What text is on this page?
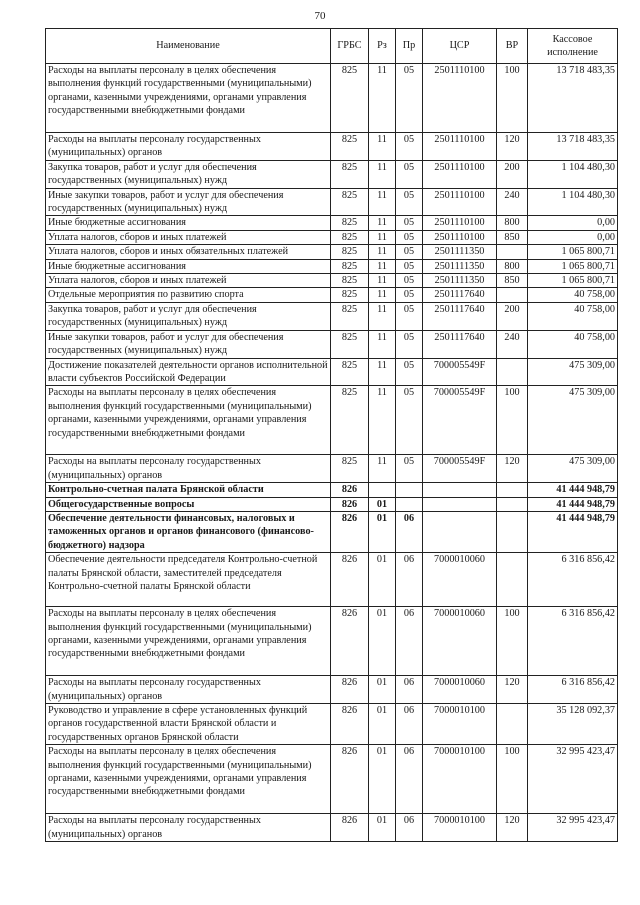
70
Наименование	ГРБС	Рз	Пр	ЦСР	ВР	Кассовое
исполнение

Расходы на выплаты персоналу в целях обеспечения выполнения функций государственными (муниципальными) органами, казенными учреждениями, органами управления государственными внебюджетными фондами	825	11	05	2501110100	100	13 718 483,35
Расходы на выплаты персоналу государственных (муниципальных) органов	825	11	05	2501110100	120	13 718 483,35
Закупка товаров, работ и услуг для обеспечения государственных (муниципальных) нужд	825	11	05	2501110100	200	1 104 480,30
Иные закупки товаров, работ и услуг для обеспечения государственных (муниципальных) нужд	825	11	05	2501110100	240	1 104 480,30
Иные бюджетные ассигнования	825	11	05	2501110100	800	0,00
Уплата налогов, сборов и иных платежей	825	11	05	2501110100	850	0,00
Уплата налогов, сборов и иных обязательных платежей	825	11	05	2501111350		1 065 800,71
Иные бюджетные ассигнования	825	11	05	2501111350	800	1 065 800,71
Уплата налогов, сборов и иных платежей	825	11	05	2501111350	850	1 065 800,71
Отдельные мероприятия по развитию спорта	825	11	05	2501117640		40 758,00
Закупка товаров, работ и услуг для обеспечения государственных (муниципальных) нужд	825	11	05	2501117640	200	40 758,00
Иные закупки товаров, работ и услуг для обеспечения государственных (муниципальных) нужд	825	11	05	2501117640	240	40 758,00
Достижение показателей деятельности органов исполнительной власти субъектов Российской Федерации	825	11	05	700005549F		475 309,00
Расходы на выплаты персоналу в целях обеспечения выполнения функций государственными (муниципальными) органами, казенными учреждениями, органами управления государственными внебюджетными фондами	825	11	05	700005549F	100	475 309,00
Расходы на выплаты персоналу государственных (муниципальных) органов	825	11	05	700005549F	120	475 309,00
Контрольно-счетная палата Брянской области	826					41 444 948,79
Общегосударственные вопросы	826	01				41 444 948,79
Обеспечение деятельности финансовых, налоговых и таможенных органов и органов финансового (финансово-бюджетного) надзора	826	01	06			41 444 948,79
Обеспечение деятельности председателя Контрольно-счетной палаты Брянской области, заместителей председателя Контрольно-счетной палаты Брянской области	826	01	06	7000010060		6 316 856,42
Расходы на выплаты персоналу в целях обеспечения выполнения функций государственными (муниципальными) органами, казенными учреждениями, органами управления государственными внебюджетными фондами	826	01	06	7000010060	100	6 316 856,42
Расходы на выплаты персоналу государственных (муниципальных) органов	826	01	06	7000010060	120	6 316 856,42
Руководство и управление в сфере установленных функций органов государственной власти Брянской области и государственных органов Брянской области	826	01	06	7000010100		35 128 092,37
Расходы на выплаты персоналу в целях обеспечения выполнения функций государственными (муниципальными) органами, казенными учреждениями, органами управления государственными внебюджетными фондами	826	01	06	7000010100	100	32 995 423,47
Расходы на выплаты персоналу государственных (муниципальных) органов	826	01	06	7000010100	120	32 995 423,47
